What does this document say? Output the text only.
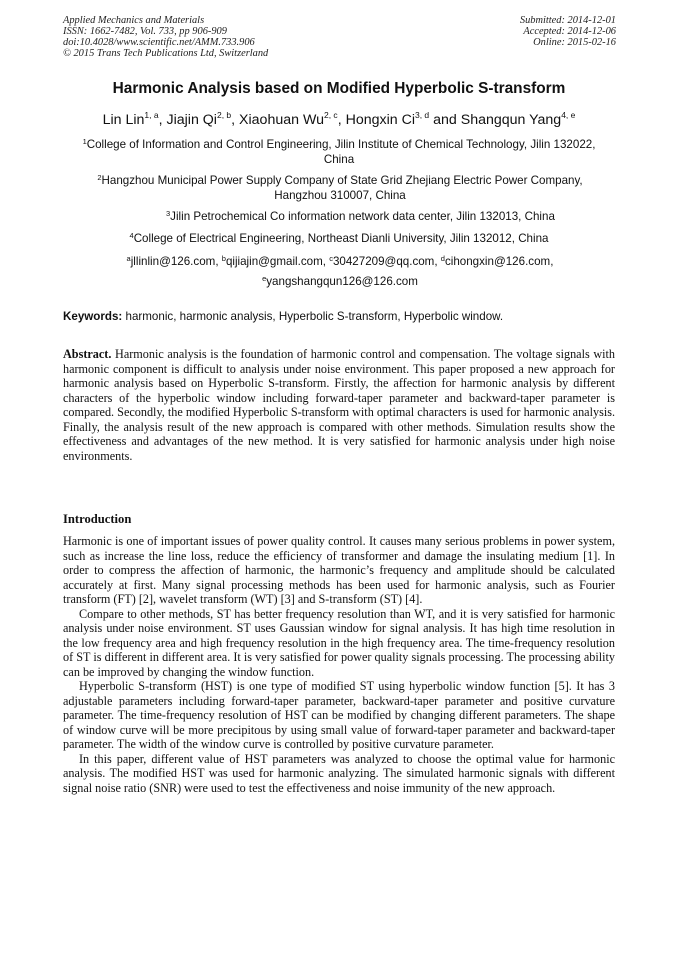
Applied Mechanics and Materials
ISSN: 1662-7482, Vol. 733, pp 906-909
doi:10.4028/www.scientific.net/AMM.733.906
© 2015 Trans Tech Publications Ltd, Switzerland
Submitted: 2014-12-01
Accepted: 2014-12-06
Online: 2015-02-16
Harmonic Analysis based on Modified Hyperbolic S-transform
Lin Lin$^{1, a}$, Jiajin Qi$^{2, b}$, Xiaohuan Wu$^{2, c}$, Hongxin Ci$^{3, d}$ and Shangqun Yang$^{4, e}$
$^1$College of Information and Control Engineering, Jilin Institute of Chemical Technology, Jilin 132022, China
$^2$Hangzhou Municipal Power Supply Company of State Grid Zhejiang Electric Power Company, Hangzhou 310007, China
$^3$Jilin Petrochemical Co information network data center, Jilin 132013, China
$^4$College of Electrical Engineering, Northeast Dianli University, Jilin 132012, China
$^a$jllinlin@126.com, $^b$qijiajin@gmail.com, $^c$30427209@qq.com, $^d$cihongxin@126.com,
$^e$yangshangqun126@126.com
Keywords: harmonic, harmonic analysis, Hyperbolic S-transform, Hyperbolic window.

Abstract. Harmonic analysis is the foundation of harmonic control and compensation. The voltage signals with harmonic component is difficult to analysis under noise environment. This paper proposed a new approach for harmonic analysis based on Hyperbolic S-transform. Firstly, the affection for harmonic analysis by different characters of the hyperbolic window including forward-taper parameter and backward-taper parameter is compared. Secondly, the modified Hyperbolic S-transform with optimal characters is used for harmonic analysis. Finally, the analysis result of the new approach is compared with other methods. Simulation results show the effectiveness and advantages of the new method. It is very satisfied for harmonic analysis under high noise environments.

Introduction

Harmonic is one of important issues of power quality control. It causes many serious problems in power system, such as increase the line loss, reduce the efficiency of transformer and damage the insulating medium [1]. In order to compress the affection of harmonic, the harmonic’s frequency and amplitude should be calculated accurately at first. Many signal processing methods has been used for harmonic analysis, such as Fourier transform (FT) [2], wavelet transform (WT) [3] and S-transform (ST) [4].

Compare to other methods, ST has better frequency resolution than WT, and it is very satisfied for harmonic analysis under noise environment. ST uses Gaussian window for signal analysis. It has high time resolution in the low frequency area and high frequency resolution in the high frequency area. The time-frequency resolution of ST is different in different area. It is very satisfied for power quality signals processing. The processing ability can be improved by changing the window function.

Hyperbolic S-transform (HST) is one type of modified ST using hyperbolic window function [5]. It has 3 adjustable parameters including forward-taper parameter, backward-taper parameter and positive curvature parameter. The time-frequency resolution of HST can be modified by changing different parameters. The shape of window curve will be more precipitous by using small value of forward-taper parameter and backward-taper parameter. The width of the window curve is controlled by positive curvature parameter.

In this paper, different value of HST parameters was analyzed to choose the optimal value for harmonic analysis. The modified HST was used for harmonic analyzing. The simulated harmonic signals with different signal noise ratio (SNR) were used to test the effectiveness and noise immunity of the new approach.
